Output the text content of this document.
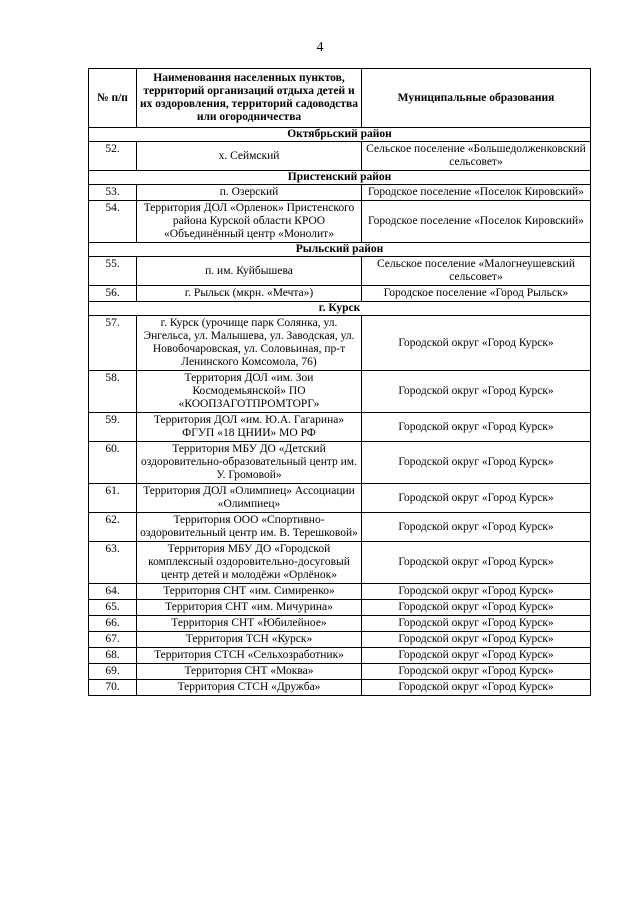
4
№ п/п	Наименования населенных пунктов, территорий организаций отдыха детей и их оздоровления, территорий садоводства или огородничества	Муниципальные образования
Октябрьский район		
52.	х. Сеймский	Сельское поселение «Большедолженковский сельсовет»
Пристенский район		
53.	п. Озерский	Городское поселение «Поселок Кировский»
54.	Территория ДОЛ «Орленок» Пристенского района Курской области КРОО «Объединённый центр «Монолит»	Городское поселение «Поселок Кировский»
Рыльский район		
55.	п. им. Куйбышева	Сельское поселение «Малогнеушевский сельсовет»
56.	г. Рыльск (мкрн. «Мечта»)	Городское поселение «Город Рыльск»
г. Курск		
57.	г. Курск (урочище парк Солянка, ул. Энгельса, ул. Малышева, ул. Заводская, ул. Новобочаровская, ул. Соловьиная, пр-т Ленинского Комсомола, 76)	Городской округ «Город Курск»
58.	Территория ДОЛ «им. Зои Космодемьянской» ПО «КООПЗАГОТПРОМТОРГ»	Городской округ «Город Курск»
59.	Территория ДОЛ «им. Ю.А. Гагарина» ФГУП «18 ЦНИИ» МО РФ	Городской округ «Город Курск»
60.	Территория МБУ ДО «Детский оздоровительно-образовательный центр им. У. Громовой»	Городской округ «Город Курск»
61.	Территория ДОЛ «Олимпиец» Ассоциации «Олимпиец»	Городской округ «Город Курск»
62.	Территория ООО «Спортивно-оздоровительный центр им. В. Терешковой»	Городской округ «Город Курск»
63.	Территория МБУ ДО «Городской комплексный оздоровительно-досуговый центр детей и молодёжи «Орлёнок»	Городской округ «Город Курск»
64.	Территория СНТ «им. Симиренко»	Городской округ «Город Курск»
65.	Территория СНТ «им. Мичурина»	Городской округ «Город Курск»
66.	Территория СНТ «Юбилейное»	Городской округ «Город Курск»
67.	Территория ТСН «Курск»	Городской округ «Город Курск»
68.	Территория СТСН «Сельхозработник»	Городской округ «Город Курск»
69.	Территория СНТ «Моква»	Городской округ «Город Курск»
70.	Территория СТСН «Дружба»	Городской округ «Город Курск»
